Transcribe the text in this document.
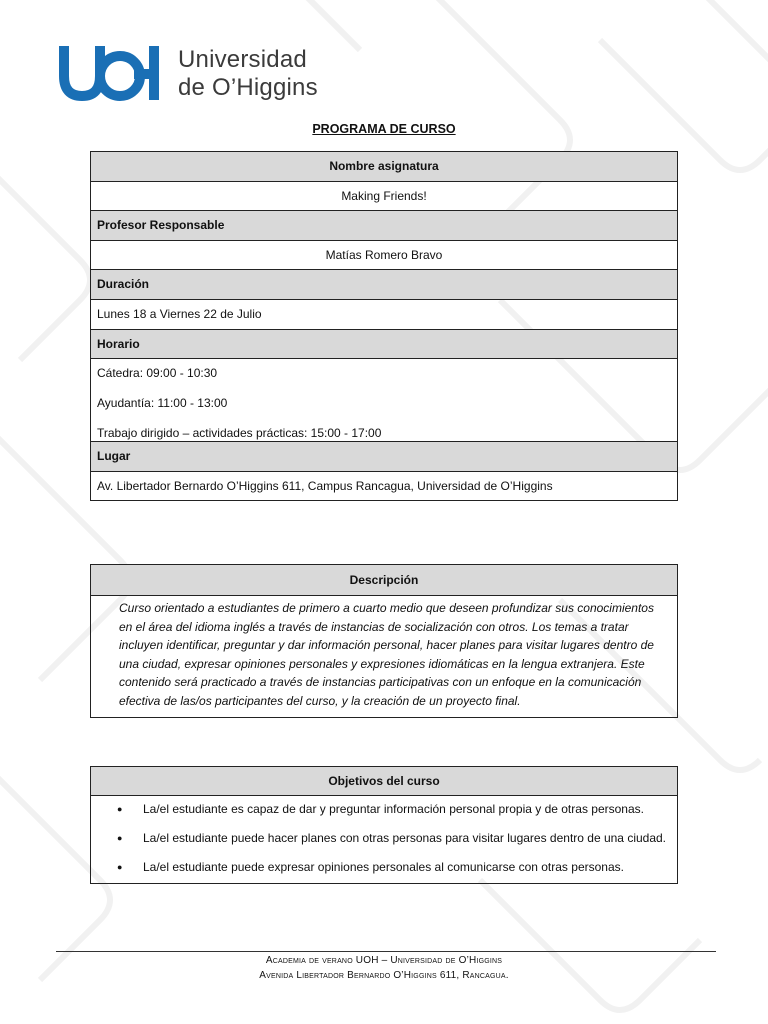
Universidad
de O’Higgins
PROGRAMA DE CURSO
Nombre asignatura
Making Friends!
Profesor Responsable
Matías Romero Bravo
Duración
Lunes 18 a Viernes 22 de Julio
Horario

Cátedra: 09:00 - 10:30

Ayudantía: 11:00 - 13:00

Trabajo dirigido – actividades prácticas: 15:00 - 17:00

Lugar
Av. Libertador Bernardo O’Higgins 611, Campus Rancagua, Universidad de O’Higgins
Descripción
Curso orientado a estudiantes de primero a cuarto medio que deseen profundizar sus conocimientos en el área del idioma inglés a través de instancias de socialización con otros. Los temas a tratar incluyen identificar, preguntar y dar información personal, hacer planes para visitar lugares dentro de una ciudad, expresar opiniones personales y expresiones idiomáticas en la lengua extranjera. Este contenido será practicado a través de instancias participativas con un enfoque en la comunicación efectiva de las/os participantes del curso, y la creación de un proyecto final.
Objetivos del curso

● La/el estudiante es capaz de dar y preguntar información personal propia y de otras personas.
● La/el estudiante puede hacer planes con otras personas para visitar lugares dentro de una ciudad.
● La/el estudiante puede expresar opiniones personales al comunicarse con otras personas.
Academia de verano UOH – Universidad de O’Higgins
Avenida Libertador Bernardo O’Higgins 611, Rancagua.
